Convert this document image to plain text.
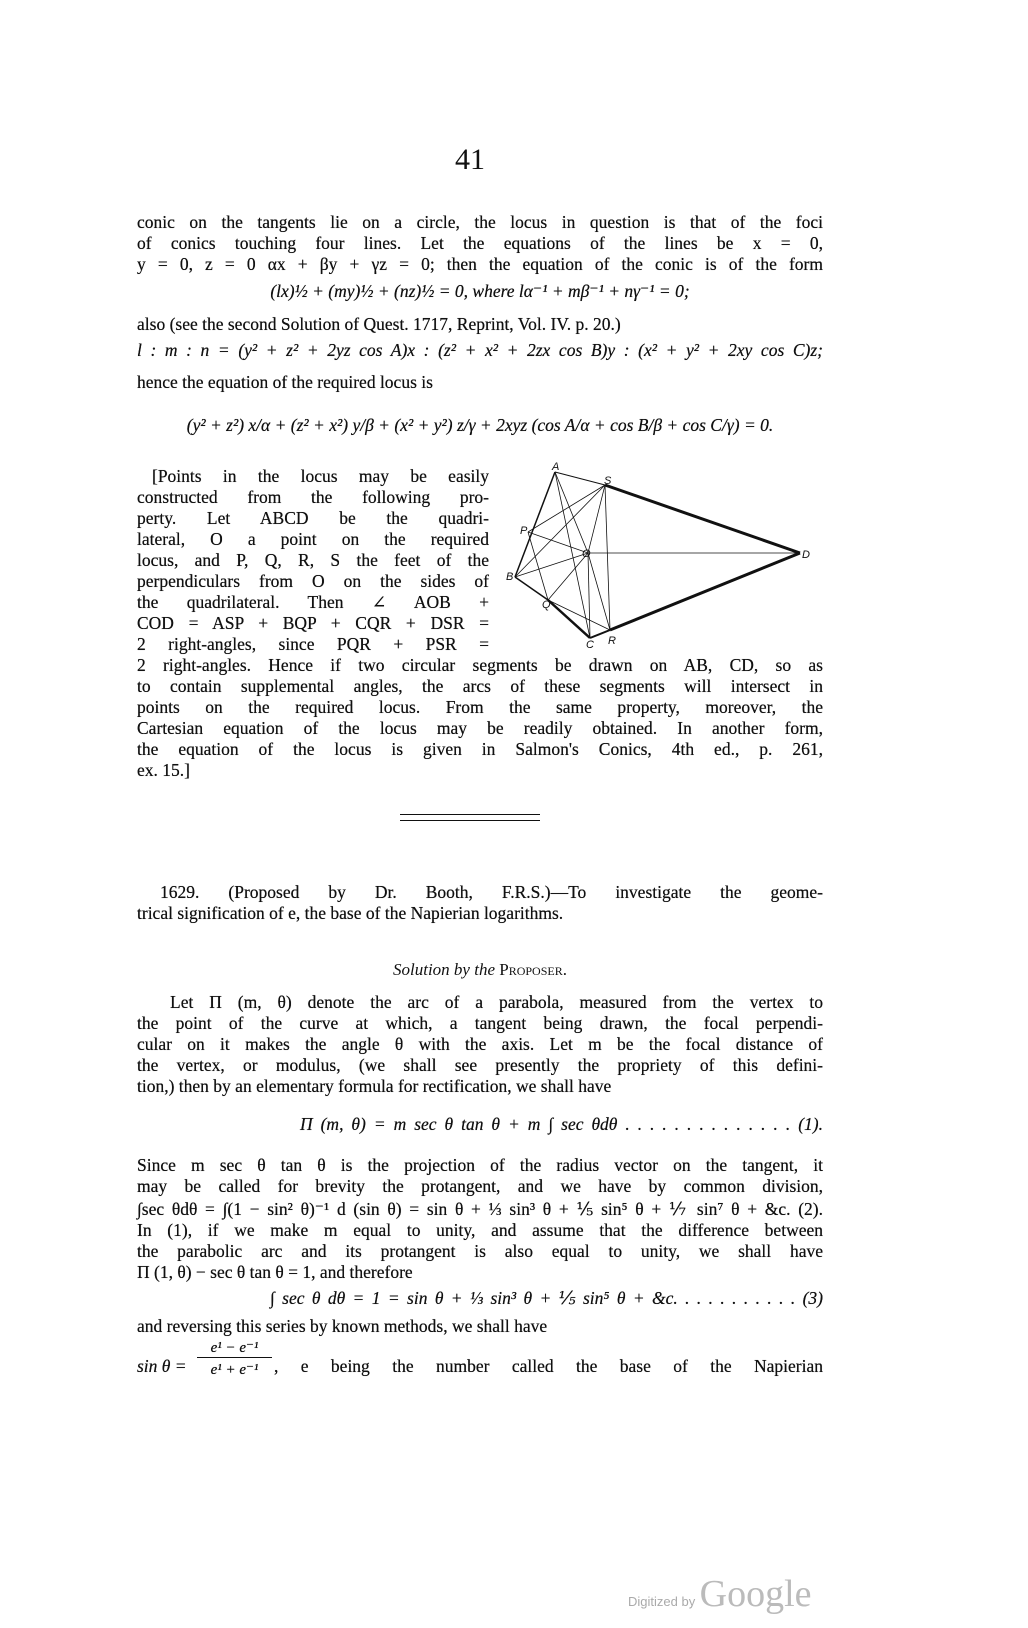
41
conic on the tangents lie on a circle, the locus in question is that of the foci
of conics touching four lines. Let the equations of the lines be x = 0,
y = 0, z = 0 αx + βy + γz = 0; then the equation of the conic is of the form
(lx)½ + (my)½ + (nz)½ = 0, where lα⁻¹ + mβ⁻¹ + nγ⁻¹ = 0;
also (see the second Solution of Quest. 1717, Reprint, Vol. IV. p. 20.)
l : m : n = (y² + z² + 2yz cos A)x : (z² + x² + 2zx cos B)y : (x² + y² + 2xy cos C)z;
hence the equation of the required locus is
(y² + z²) x/α + (z² + x²) y/β + (x² + y²) z/γ + 2xyz (cos A/α + cos B/β + cos C/γ) = 0.
[Points in the locus may be easily
constructed from the following pro-
perty. Let ABCD be the quadri-
lateral, O a point on the required
locus, and P, Q, R, S the feet of the
perpendiculars from O on the sides of
the quadrilateral. Then ∠ AOB +
COD = ASP + BQP + CQR + DSR =
2 right-angles, since PQR + PSR =
2 right-angles. Hence if two circular segments be drawn on AB, CD, so as
to contain supplemental angles, the arcs of these segments will intersect in
points on the required locus. From the same property, moreover, the
Cartesian equation of the locus may be readily obtained. In another form,
the equation of the locus is given in Salmon's Conics, 4th ed., p. 261,
ex. 15.]
A
S
P
O	D
B
Q
C R
1629. (Proposed by Dr. Booth, F.R.S.)—To investigate the geome-
trical signification of e, the base of the Napierian logarithms.
Solution by the Proposer.
Let Π (m, θ) denote the arc of a parabola, measured from the vertex to
the point of the curve at which, a tangent being drawn, the focal perpendi-
cular on it makes the angle θ with the axis. Let m be the focal distance of
the vertex, or modulus, (we shall see presently the propriety of this defini-
tion,) then by an elementary formula for rectification, we shall have
Π (m, θ) = m sec θ tan θ + m ∫ sec θdθ . . . . . . . . . . . . . . (1).
Since m sec θ tan θ is the projection of the radius vector on the tangent, it
may be called for brevity the protangent, and we have by common division,
∫sec θdθ = ∫(1 − sin² θ)⁻¹ d (sin θ) = sin θ + ⅓ sin³ θ + ⅕ sin⁵ θ + ⅐ sin⁷ θ + &c. (2).
In (1), if we make m equal to unity, and assume that the difference between
the parabolic arc and its protangent is also equal to unity, we shall have
Π (1, θ) − sec θ tan θ = 1, and therefore
∫ sec θ dθ = 1 = sin θ + ⅓ sin³ θ + ⅕ sin⁵ θ + &c. . . . . . . . . . . (3)
and reversing this series by known methods, we shall have
sin θ =
e¹ − e⁻¹
e¹ + e⁻¹ , e being the number called the base of the Napierian
Digitized by Google
